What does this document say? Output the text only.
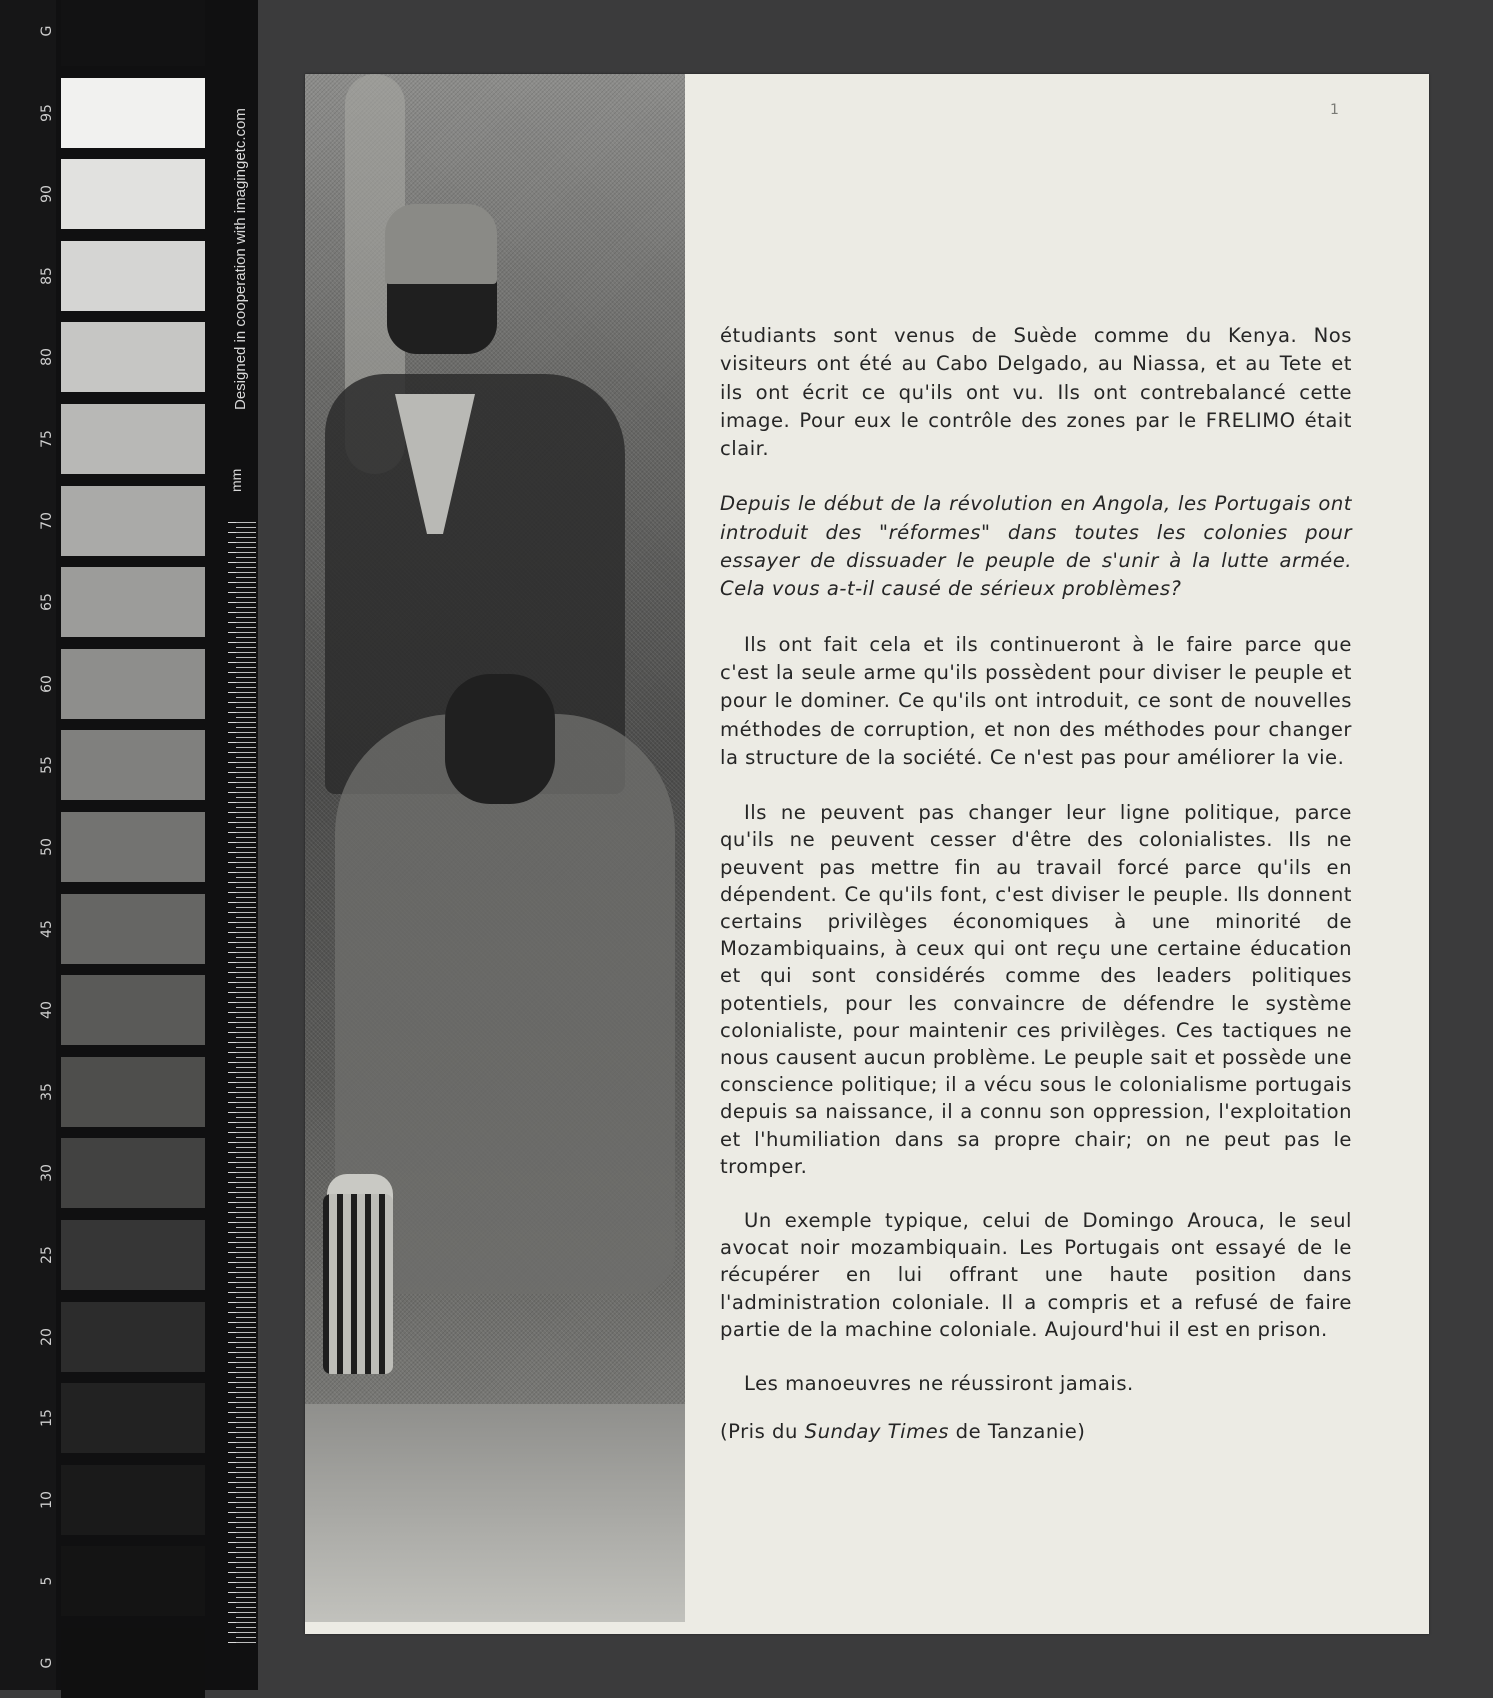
G
95
90
85
80
75
70
65
60
55
50
45
40
35
30
25
20
15
10
5
G
Designed in cooperation with imagingetc.com
mm
1

étudiants sont venus de Suède comme du Kenya. Nos visiteurs ont été au Cabo Delgado, au Niassa, et au Tete et ils ont écrit ce qu'ils ont vu. Ils ont contrebalancé cette image. Pour eux le contrôle des zones par le FRELIMO était clair.

Depuis le début de la révolution en Angola, les Portugais ont introduit des "réformes" dans toutes les colonies pour essayer de dissuader le peuple de s'unir à la lutte armée. Cela vous a-t-il causé de sérieux problèmes?

Ils ont fait cela et ils continueront à le faire parce que c'est la seule arme qu'ils possèdent pour diviser le peuple et pour le dominer. Ce qu'ils ont introduit, ce sont de nouvelles méthodes de corruption, et non des méthodes pour changer la structure de la société. Ce n'est pas pour améliorer la vie.

Ils ne peuvent pas changer leur ligne politique, parce qu'ils ne peuvent cesser d'être des colonialistes. Ils ne peuvent pas mettre fin au travail forcé parce qu'ils en dépendent. Ce qu'ils font, c'est diviser le peuple. Ils donnent certains privilèges économiques à une minorité de Mozambiquains, à ceux qui ont reçu une certaine éducation et qui sont considérés comme des leaders politiques potentiels, pour les convaincre de défendre le système colonialiste, pour maintenir ces privilèges. Ces tactiques ne nous causent aucun problème. Le peuple sait et possède une conscience politique; il a vécu sous le colonialisme portugais depuis sa naissance, il a connu son oppression, l'exploitation et l'humiliation dans sa propre chair; on ne peut pas le tromper.

Un exemple typique, celui de Domingo Arouca, le seul avocat noir mozambiquain. Les Portugais ont essayé de le récupérer en lui offrant une haute position dans l'administration coloniale. Il a compris et a refusé de faire partie de la machine coloniale. Aujourd'hui il est en prison.

Les manoeuvres ne réussiront jamais.

(Pris du Sunday Times de Tanzanie)
